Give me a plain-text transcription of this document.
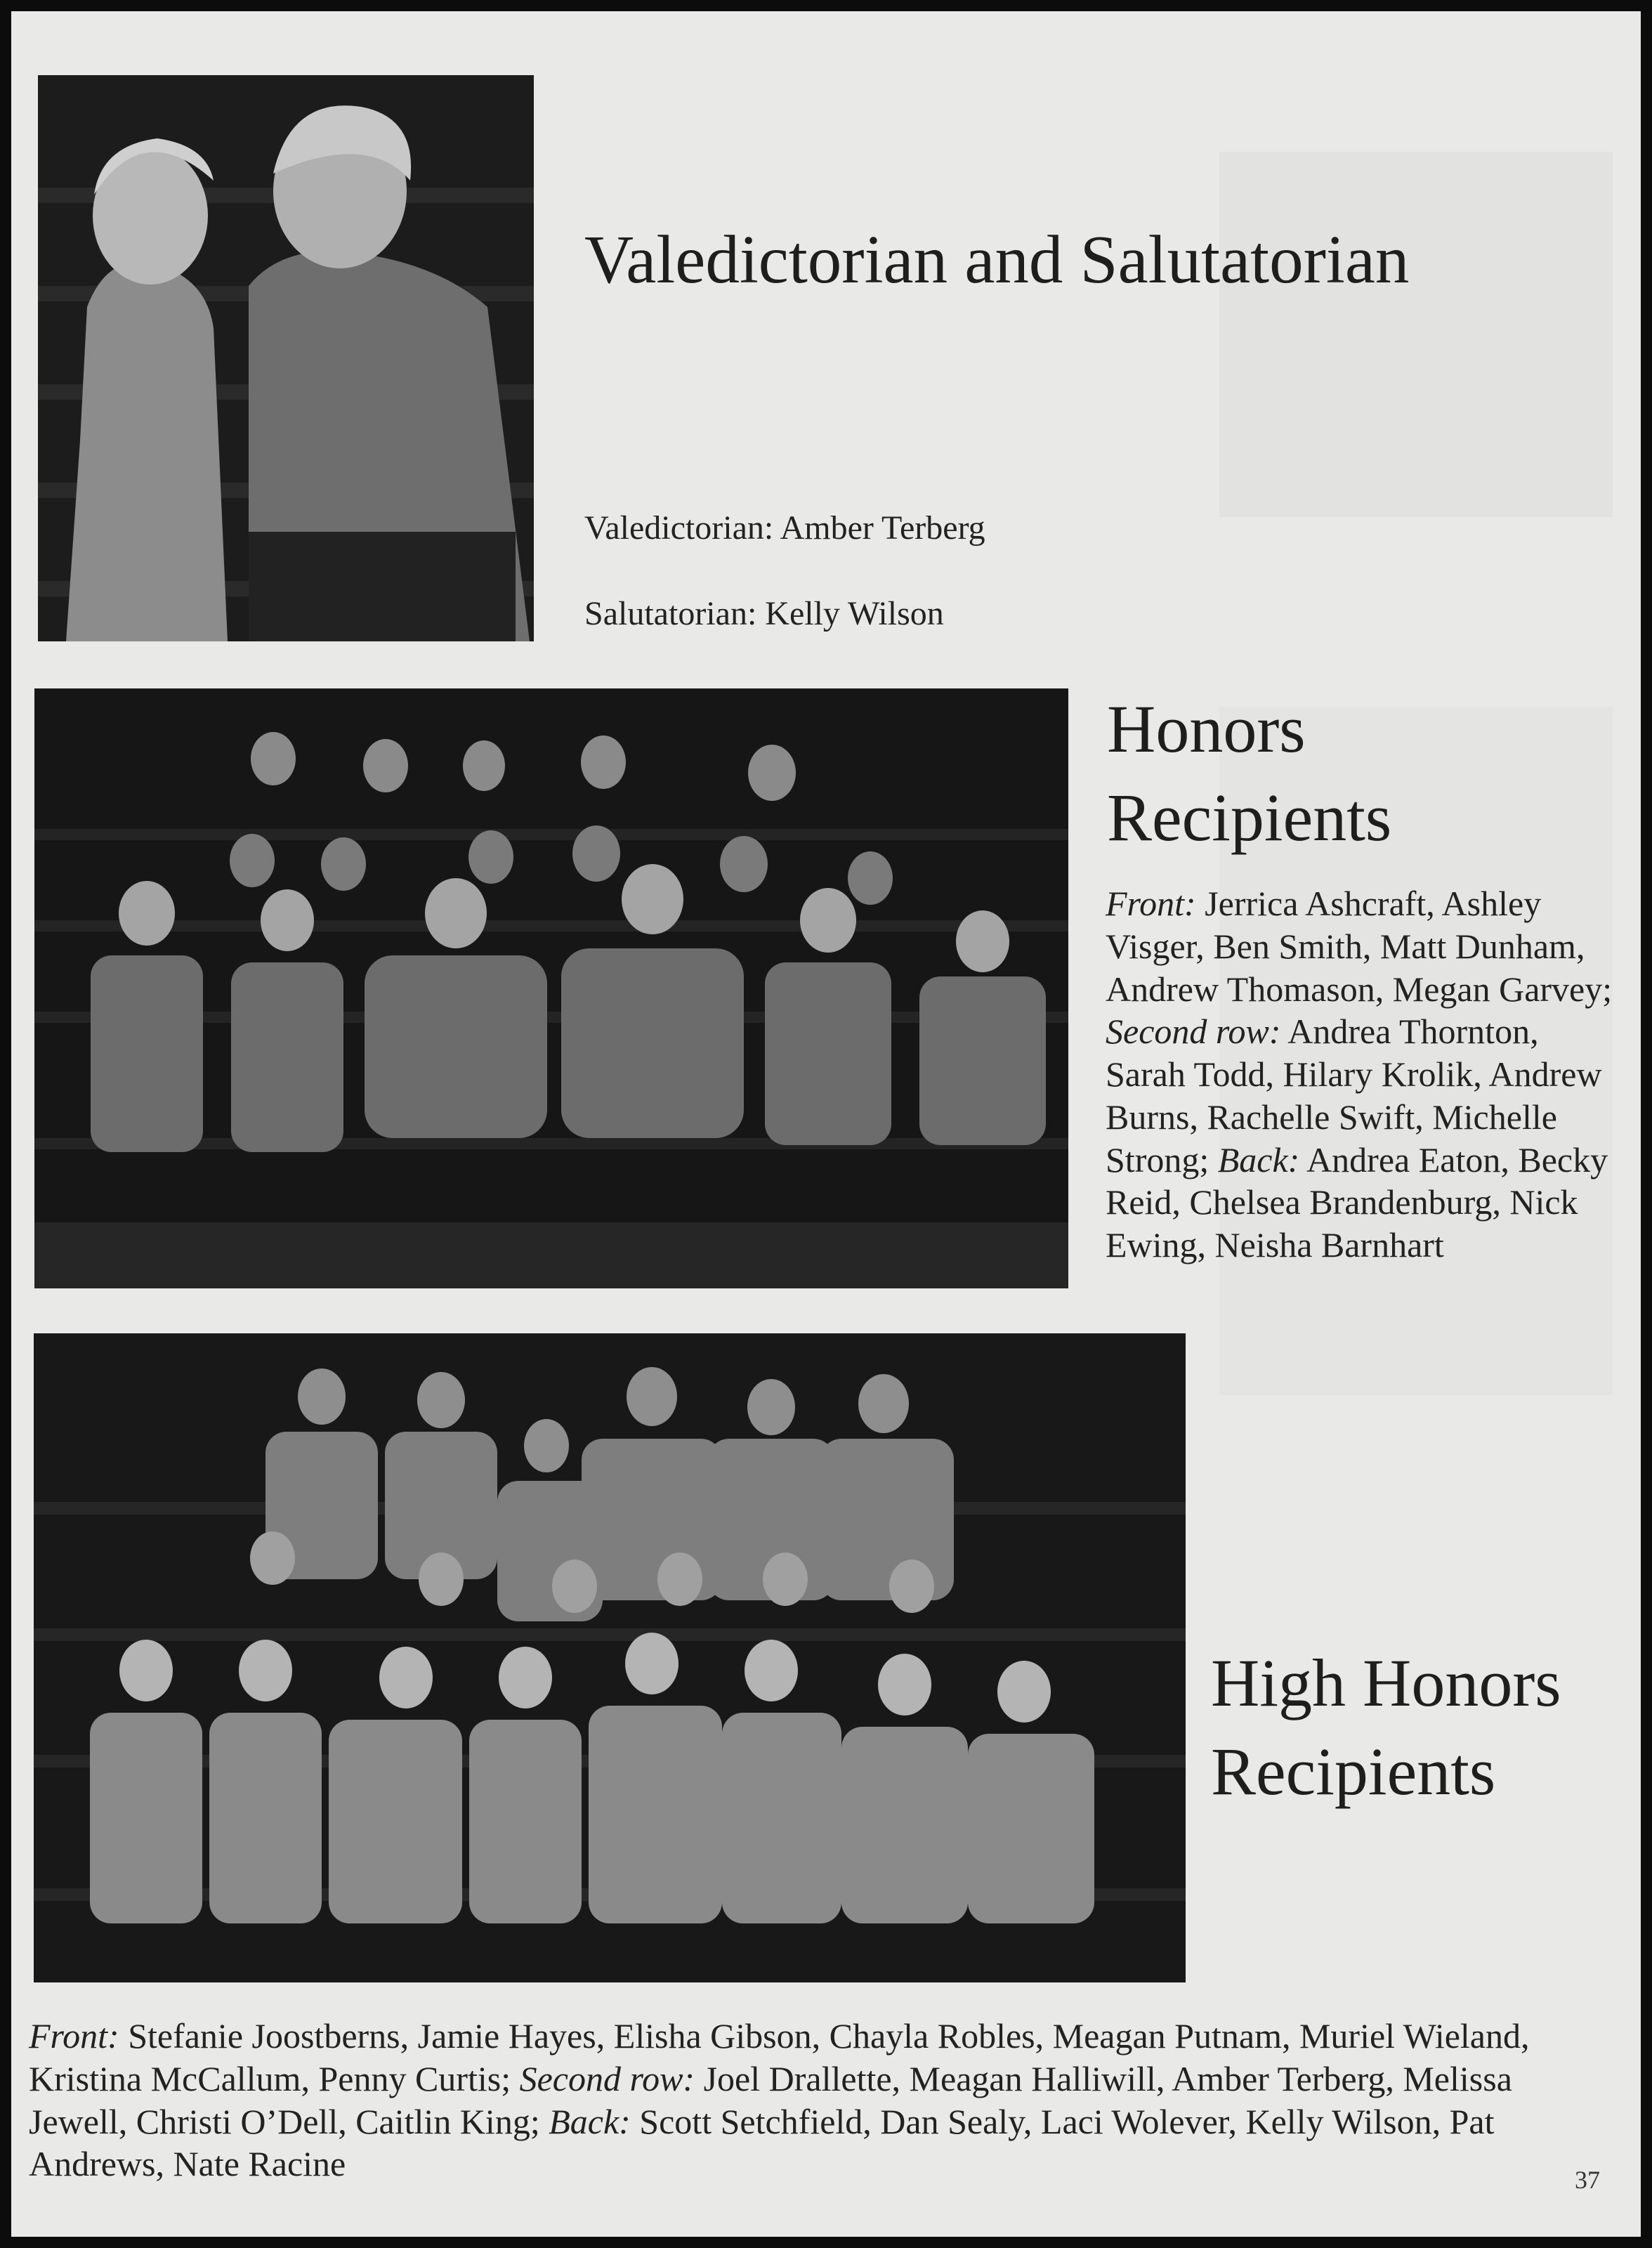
Valedictorian and Salutatorian
Valedictorian: Amber Terberg
Salutatorian: Kelly Wilson
Honors
Recipients
Front: Jerrica Ashcraft, Ashley Visger, Ben Smith, Matt Dunham, Andrew Thomason, Megan Garvey; Second row: Andrea Thornton, Sarah Todd, Hilary Krolik, Andrew Burns, Rachelle Swift, Michelle Strong; Back: Andrea Eaton, Becky Reid, Chelsea Brandenburg, Nick Ewing, Neisha Barnhart
High Honors
Recipients
Front: Stefanie Joostberns, Jamie Hayes, Elisha Gibson, Chayla Robles, Meagan Putnam, Muriel Wieland, Kristina McCallum, Penny Curtis; Second row: Joel Drallette, Meagan Halliwill, Amber Terberg, Melissa Jewell, Christi O’Dell, Caitlin King; Back: Scott Setchfield, Dan Sealy, Laci Wolever, Kelly Wilson, Pat Andrews, Nate Racine	37
